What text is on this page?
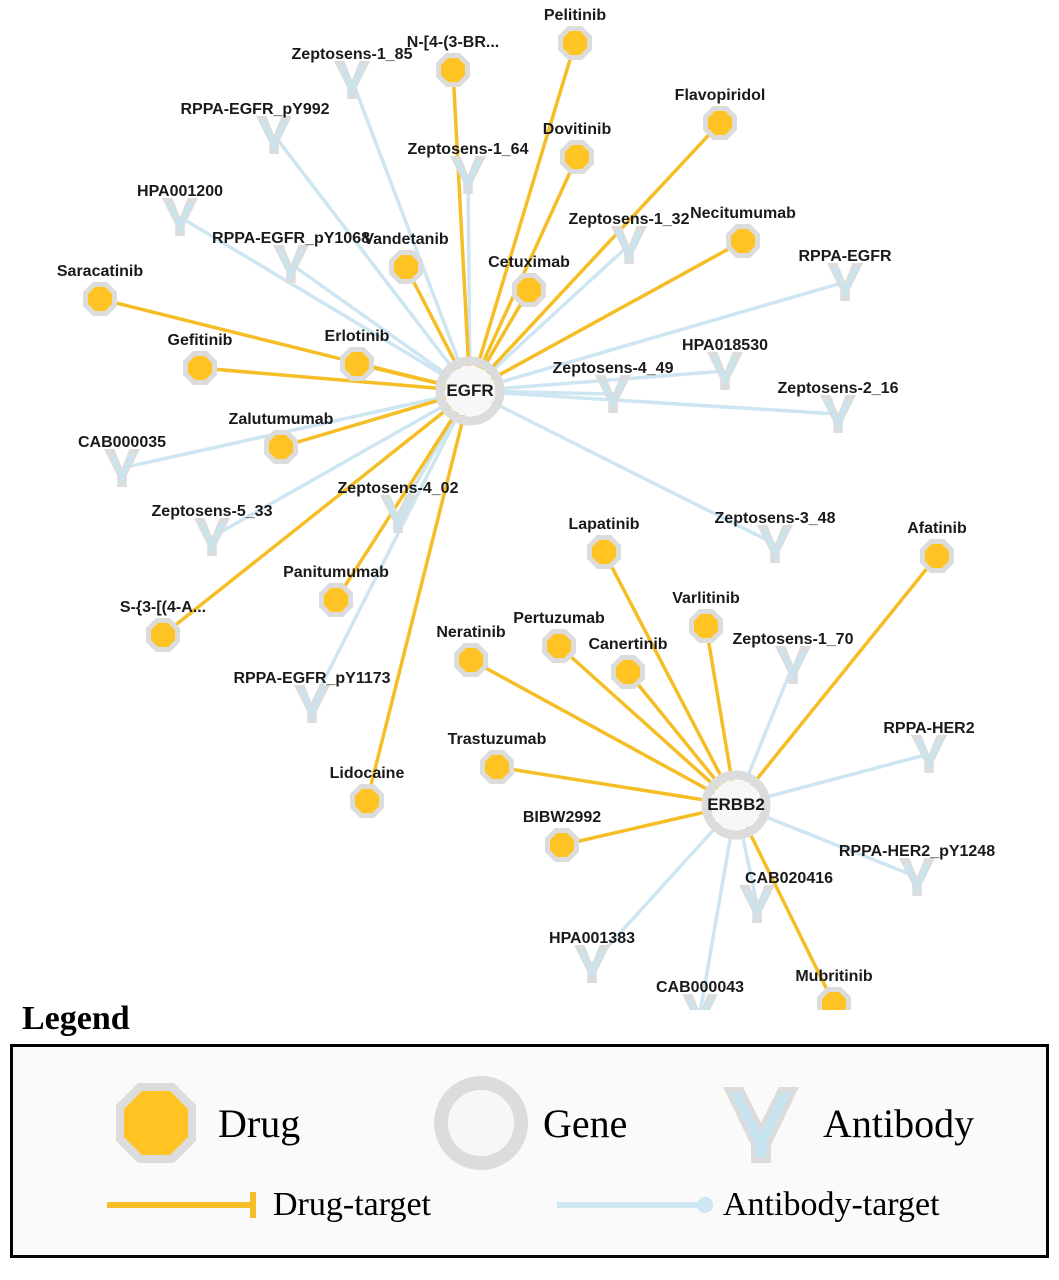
Pelitinib
N-[4-(3-BR...
Flavopiridol
Dovitinib
Necitumumab
Vandetanib
Cetuximab
Saracatinib
Erlotinib
Gefitinib
Zalutumumab
Afatinib
Lapatinib
Varlitinib
Panitumumab
S-{3-[(4-A...
Pertuzumab
Neratinib
Canertinib
Trastuzumab
Lidocaine
BIBW2992
Mubritinib
Zeptosens-1_85
RPPA-EGFR_pY992
Zeptosens-1_64
HPA001200
Zeptosens-1_32
RPPA-EGFR_pY1068
RPPA-EGFR
HPA018530
Zeptosens-4_49
Zeptosens-2_16
CAB000035
Zeptosens-4_02
Zeptosens-5_33	Zeptosens-3_48
Zeptosens-1_70
RPPA-EGFR_pY1173
RPPA-HER2
RPPA-HER2_pY1248
CAB020416
HPA001383
CAB000043
EGFR
ERBB2
Legend
Drug	Gene	Antibody
Drug-target	Antibody-target
